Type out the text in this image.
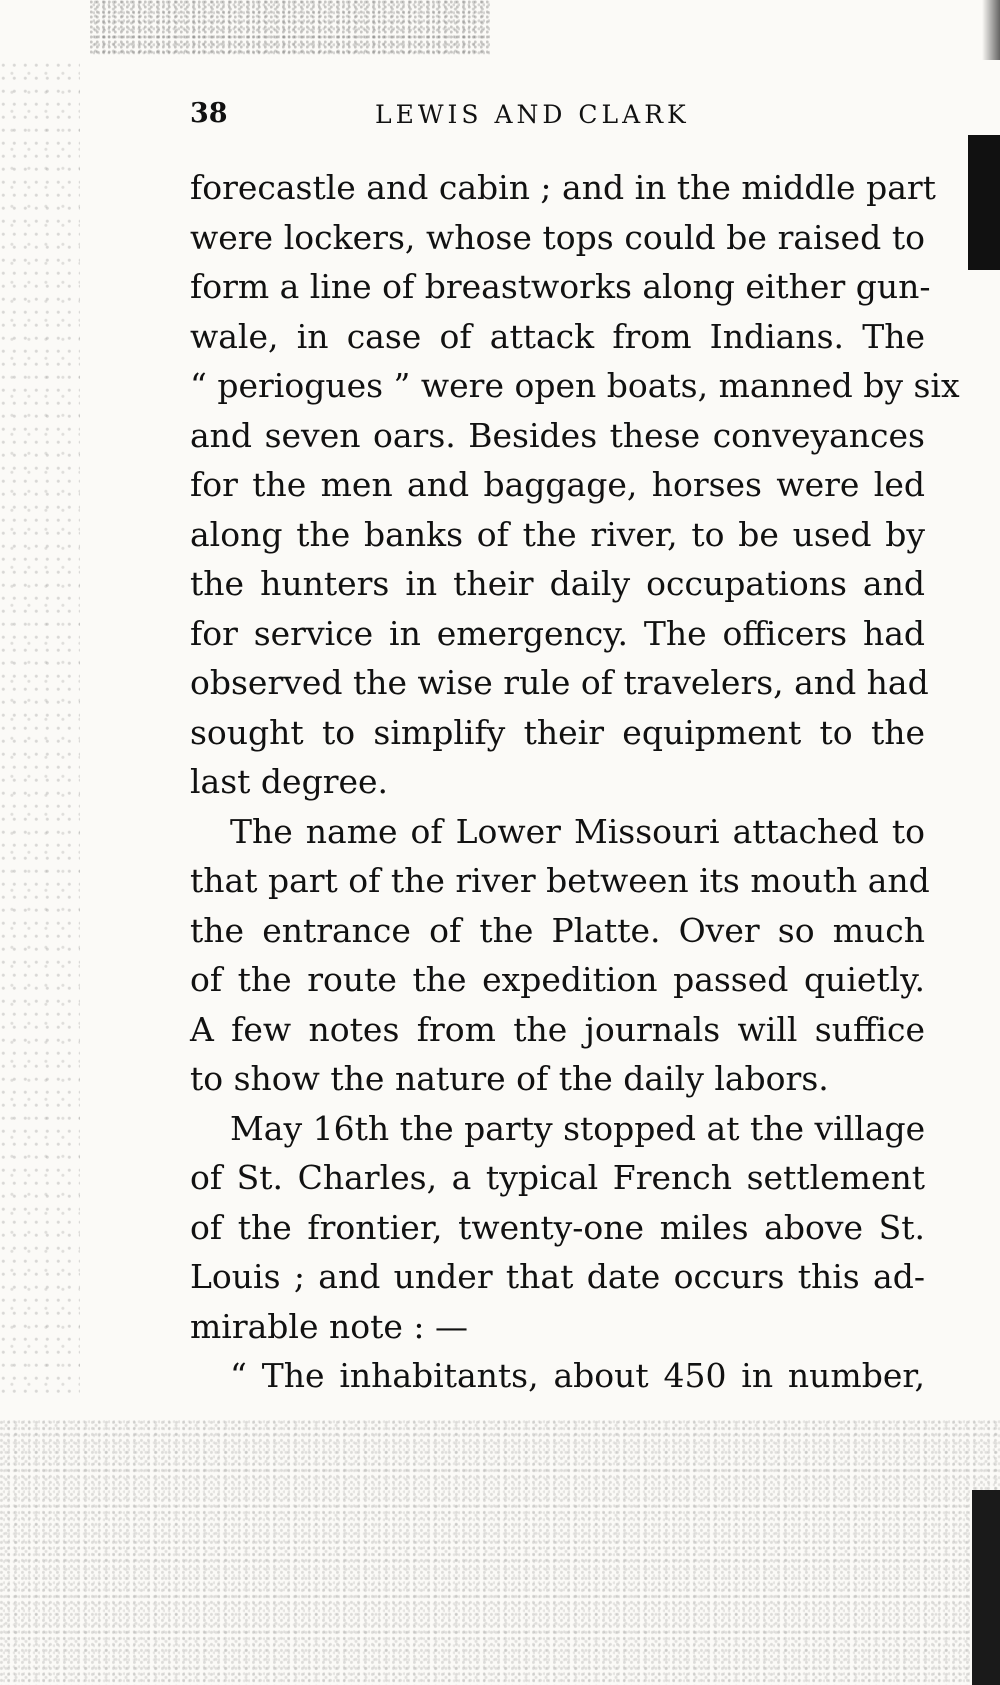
38	LEWIS AND CLARK
forecastle and cabin ; and in the middle part
were lockers, whose tops could be raised to
form a line of breastworks along either gun-
wale, in case of attack from Indians. The
“ periogues ” were open boats, manned by six
and seven oars. Besides these conveyances
for the men and baggage, horses were led
along the banks of the river, to be used by
the hunters in their daily occupations and
for service in emergency. The officers had
observed the wise rule of travelers, and had
sought to simplify their equipment to the
last degree.
The name of Lower Missouri attached to
that part of the river between its mouth and
the entrance of the Platte. Over so much
of the route the expedition passed quietly.
A few notes from the journals will suffice
to show the nature of the daily labors.
May 16th the party stopped at the village
of St. Charles, a typical French settlement
of the frontier, twenty-one miles above St.
Louis ; and under that date occurs this ad-
mirable note : —
“ The inhabitants, about 450 in number,
